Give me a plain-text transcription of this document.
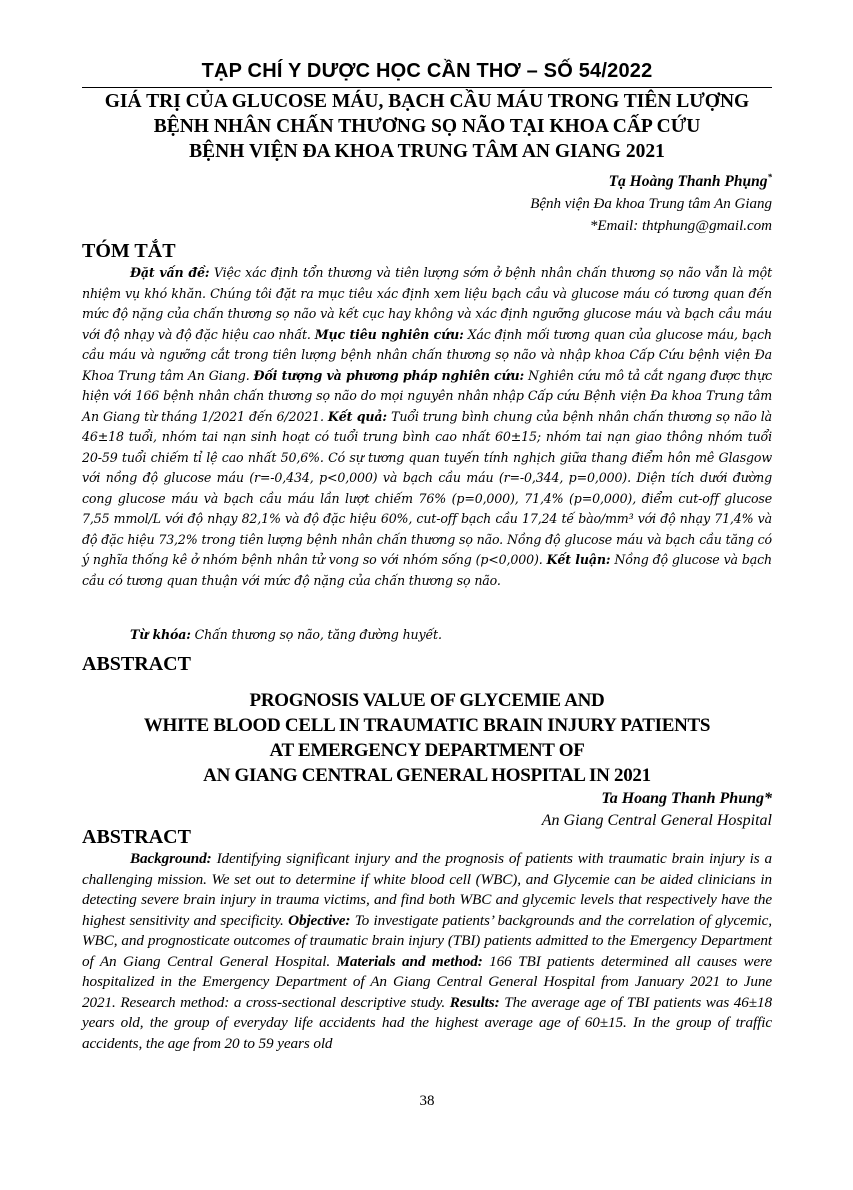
TẠP CHÍ Y DƯỢC HỌC CẦN THƠ – SỐ 54/2022
GIÁ TRỊ CỦA GLUCOSE MÁU, BẠCH CẦU MÁU TRONG TIÊN LƯỢNG
BỆNH NHÂN CHẤN THƯƠNG SỌ NÃO TẠI KHOA CẤP CỨU
BỆNH VIỆN ĐA KHOA TRUNG TÂM AN GIANG 2021
Tạ Hoàng Thanh Phụng*
Bệnh viện Đa khoa Trung tâm An Giang
*Email: thtphung@gmail.com
TÓM TẮT
Đặt vấn đề: Việc xác định tổn thương và tiên lượng sớm ở bệnh nhân chấn thương sọ não vẫn là một nhiệm vụ khó khăn. Chúng tôi đặt ra mục tiêu xác định xem liệu bạch cầu và glucose máu có tương quan đến mức độ nặng của chấn thương sọ não và kết cục hay không và xác định ngưỡng glucose máu và bạch cầu máu với độ nhạy và độ đặc hiệu cao nhất. Mục tiêu nghiên cứu: Xác định mối tương quan của glucose máu, bạch cầu máu và ngưỡng cắt trong tiên lượng bệnh nhân chấn thương sọ não và nhập khoa Cấp Cứu bệnh viện Đa Khoa Trung tâm An Giang. Đối tượng và phương pháp nghiên cứu: Nghiên cứu mô tả cắt ngang được thực hiện với 166 bệnh nhân chấn thương sọ não do mọi nguyên nhân nhập Cấp cứu Bệnh viện Đa khoa Trung tâm An Giang từ tháng 1/2021 đến 6/2021. Kết quả: Tuổi trung bình chung của bệnh nhân chấn thương sọ não là 46±18 tuổi, nhóm tai nạn sinh hoạt có tuổi trung bình cao nhất 60±15; nhóm tai nạn giao thông nhóm tuổi 20-59 tuổi chiếm tỉ lệ cao nhất 50,6%. Có sự tương quan tuyến tính nghịch giữa thang điểm hôn mê Glasgow với nồng độ glucose máu (r=-0,434, p<0,000) và bạch cầu máu (r=-0,344, p=0,000). Diện tích dưới đường cong glucose máu và bạch cầu máu lần lượt chiếm 76% (p=0,000), 71,4% (p=0,000), điểm cut-off glucose 7,55 mmol/L với độ nhạy 82,1% và độ đặc hiệu 60%, cut-off bạch cầu 17,24 tế bào/mm³ với độ nhạy 71,4% và độ đặc hiệu 73,2% trong tiên lượng bệnh nhân chấn thương sọ não. Nồng độ glucose máu và bạch cầu tăng có ý nghĩa thống kê ở nhóm bệnh nhân tử vong so với nhóm sống (p<0,000). Kết luận: Nồng độ glucose và bạch cầu có tương quan thuận với mức độ nặng của chấn thương sọ não.
Từ khóa: Chấn thương sọ não, tăng đường huyết.
ABSTRACT
PROGNOSIS VALUE OF GLYCEMIE AND
WHITE BLOOD CELL IN TRAUMATIC BRAIN INJURY PATIENTS
AT EMERGENCY DEPARTMENT OF
AN GIANG CENTRAL GENERAL HOSPITAL IN 2021
Ta Hoang Thanh Phung*
An Giang Central General Hospital
ABSTRACT
Background: Identifying significant injury and the prognosis of patients with traumatic brain injury is a challenging mission. We set out to determine if white blood cell (WBC), and Glycemie can be aided clinicians in detecting severe brain injury in trauma victims, and find both WBC and glycemic levels that respectively have the highest sensitivity and specificity. Objective: To investigate patients’ backgrounds and the correlation of glycemic, WBC, and prognosticate outcomes of traumatic brain injury (TBI) patients admitted to the Emergency Department of An Giang Central General Hospital. Materials and method: 166 TBI patients determined all causes were hospitalized in the Emergency Department of An Giang Central General Hospital from January 2021 to June 2021. Research method: a cross-sectional descriptive study. Results: The average age of TBI patients was 46±18 years old, the group of everyday life accidents had the highest average age of 60±15. In the group of traffic accidents, the age from 20 to 59 years old
38
